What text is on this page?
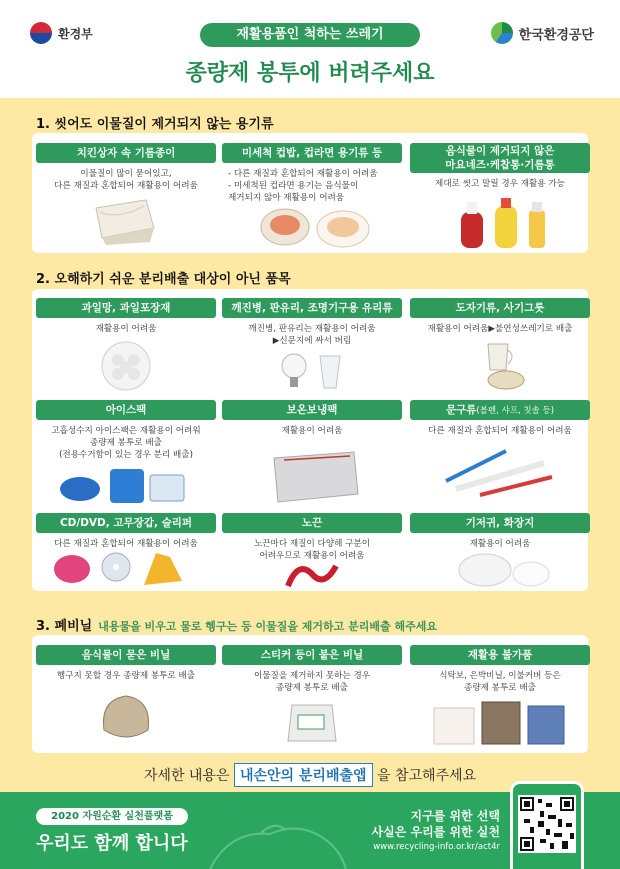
환경부	재활용품인 척하는 쓰레기	한국환경공단
종량제 봉투에 버려주세요
1. 씻어도 이물질이 제거되지 않는 용기류
치킨상자 속 기름종이
이물질이 많이 묻어있고,
다른 재질과 혼합되어 재활용이 어려움
미세척 컵밥, 컵라면 용기류 등
- 다른 재질과 혼합되어 재활용이 어려움
- 미세척된 컵라면 용기는 음식물이
제거되지 않아 재활용이 어려움
음식물이 제거되지 않은
마요네즈·케찹통·기름통
제대로 씻고 말릴 경우 재활용 가능
2. 오해하기 쉬운 분리배출 대상이 아닌 품목
과일망, 과일포장재
재활용이 어려움
깨진병, 판유리, 조명기구용 유리류
깨진병, 판유리는 재활용이 어려움
▶신문지에 싸서 버림
도자기류, 사기그릇
재활용이 어려움▶불연성쓰레기로 배출
아이스팩
고흡성수지 아이스팩은 재활용이 어려워
종량제 봉투로 배출
(전용수거함이 있는 경우 분리 배출)
보온보냉팩
재활용이 어려움
문구류(볼펜, 샤프, 칫솔 등)
다른 재질과 혼합되어 재활용이 어려움
CD/DVD, 고무장갑, 슬리퍼
다른 재질과 혼합되어 재활용이 어려움
노끈
노끈마다 재질이 다양해 구분이
어려우므로 재활용이 어려움
기저귀, 화장지
재활용이 어려움
3. 폐비닐 내용물을 비우고 물로 헹구는 등 이물질을 제거하고 분리배출 해주세요
음식물이 묻은 비닐
헹구지 못할 경우 종량제 봉투로 배출
스티커 등이 붙은 비닐
이물질을 제거하지 못하는 경우
종량제 봉투로 배출
재활용 불가품
식탁보, 은박비닐, 이불커버 등은
종량제 봉투로 배출
자세한 내용은 내손안의 분리배출앱 을 참고해주세요
2020 자원순환 실천플랫폼
우리도 함께 합니다
지구를 위한 선택
사실은 우리를 위한 실천
www.recycling-info.or.kr/act4r
